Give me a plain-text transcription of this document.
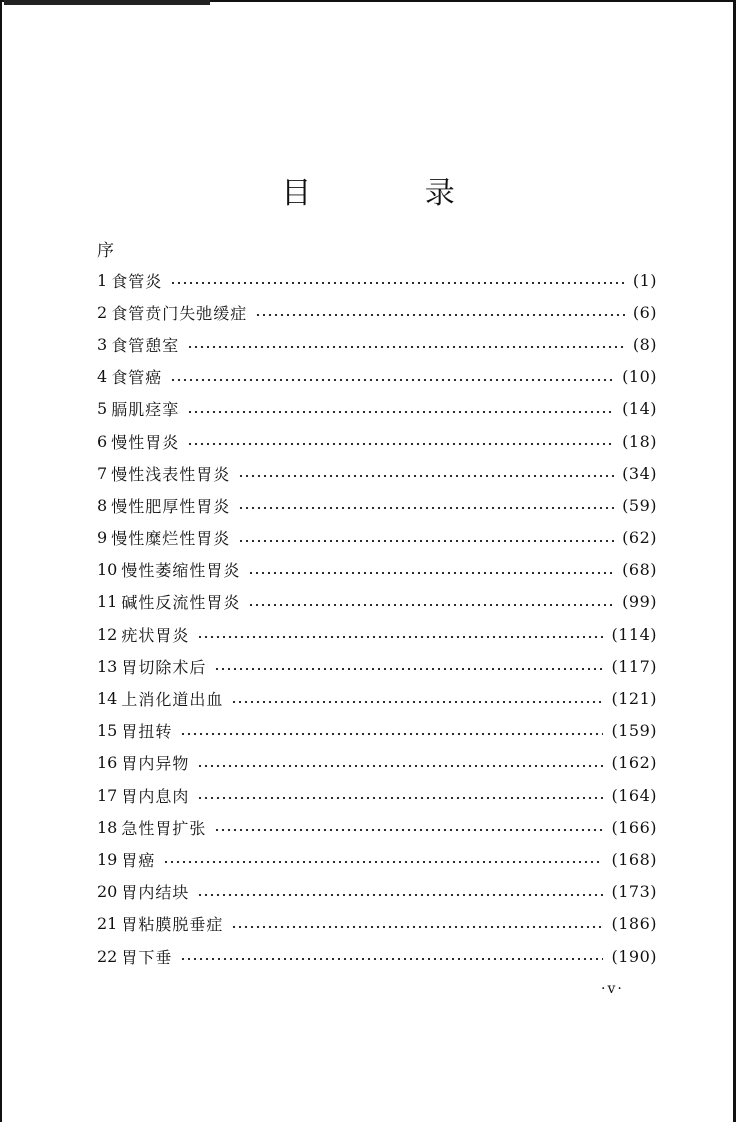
目 录
序
1 食管炎	(1)
2 食管贲门失弛缓症	(6)
3 食管憩室	(8)
4 食管癌	(10)
5 膈肌痉挛	(14)
6 慢性胃炎	(18)
7 慢性浅表性胃炎	(34)
8 慢性肥厚性胃炎	(59)
9 慢性糜烂性胃炎	(62)
10 慢性萎缩性胃炎	(68)
11 碱性反流性胃炎	(99)
12 疣状胃炎	(114)
13 胃切除术后	(117)
14 上消化道出血	(121)
15 胃扭转	(159)
16 胃内异物	(162)
17 胃内息肉	(164)
18 急性胃扩张	(166)
19 胃癌	(168)
20 胃内结块	(173)
21 胃粘膜脱垂症	(186)
22 胃下垂	(190)
·v·
